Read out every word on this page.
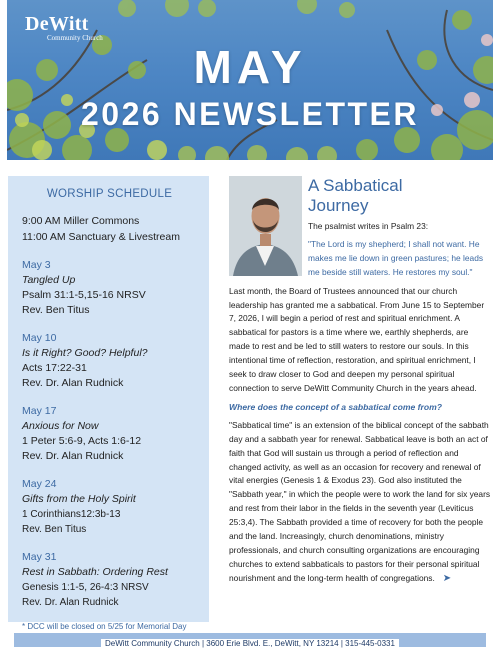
DeWitt
Community Church
MAY
2026 NEWSLETTER
WORSHIP SCHEDULE
9:00 AM Miller Commons
11:00 AM Sanctuary & Livestream
May 3
Tangled Up
Psalm 31:1-5,15-16 NRSV
Rev. Ben Titus
May 10
Is it Right? Good? Helpful?
Acts 17:22-31
Rev. Dr. Alan Rudnick
May 17
Anxious for Now
1 Peter 5:6-9, Acts 1:6-12
Rev. Dr. Alan Rudnick
May 24
Gifts from the Holy Spirit
1 Corinthians12:3b-13
Rev. Ben Titus
May 31
Rest in Sabbath: Ordering Rest
Genesis 1:1-5, 26-4:3 NRSV
Rev. Dr. Alan Rudnick
* DCC will be closed on 5/25 for Memorial Day
A Sabbatical
Journey
The psalmist writes in Psalm 23:
"The Lord is my shepherd; I shall not want. He makes me lie down in green pastures; he leads me beside still waters. He restores my soul."

Last month, the Board of Trustees announced that our church leadership has granted me a sabbatical. From June 15 to September 7, 2026, I will begin a period of rest and spiritual enrichment. A sabbatical for pastors is a time where we, earthly shepherds, are made to rest and be led to still waters to restore our souls. In this intentional time of reflection, restoration, and spiritual enrichment, I seek to draw closer to God and deepen my personal spiritual connection to serve DeWitt Community Church in the years ahead.

Where does the concept of a sabbatical come from?

"Sabbatical time" is an extension of the biblical concept of the sabbath day and a sabbath year for renewal. Sabbatical leave is both an act of faith that God will sustain us through a period of reflection and changed activity, as well as an occasion for recovery and renewal of vital energies (Genesis 1 & Exodus 23). God also instituted the "Sabbath year," in which the people were to work the land for six years and rest from their labor in the fields in the seventh year (Leviticus 25:3,4). The Sabbath provided a time of recovery for both the people and the land. Increasingly, church denominations, ministry professionals, and church consulting organizations are encouraging churches to extend sabbaticals to pastors for their personal spiritual nourishment and the long-term health of congregations. ➤

DeWitt Community Church | 3600 Erie Blvd. E., DeWitt, NY 13214 | 315-445-0331
